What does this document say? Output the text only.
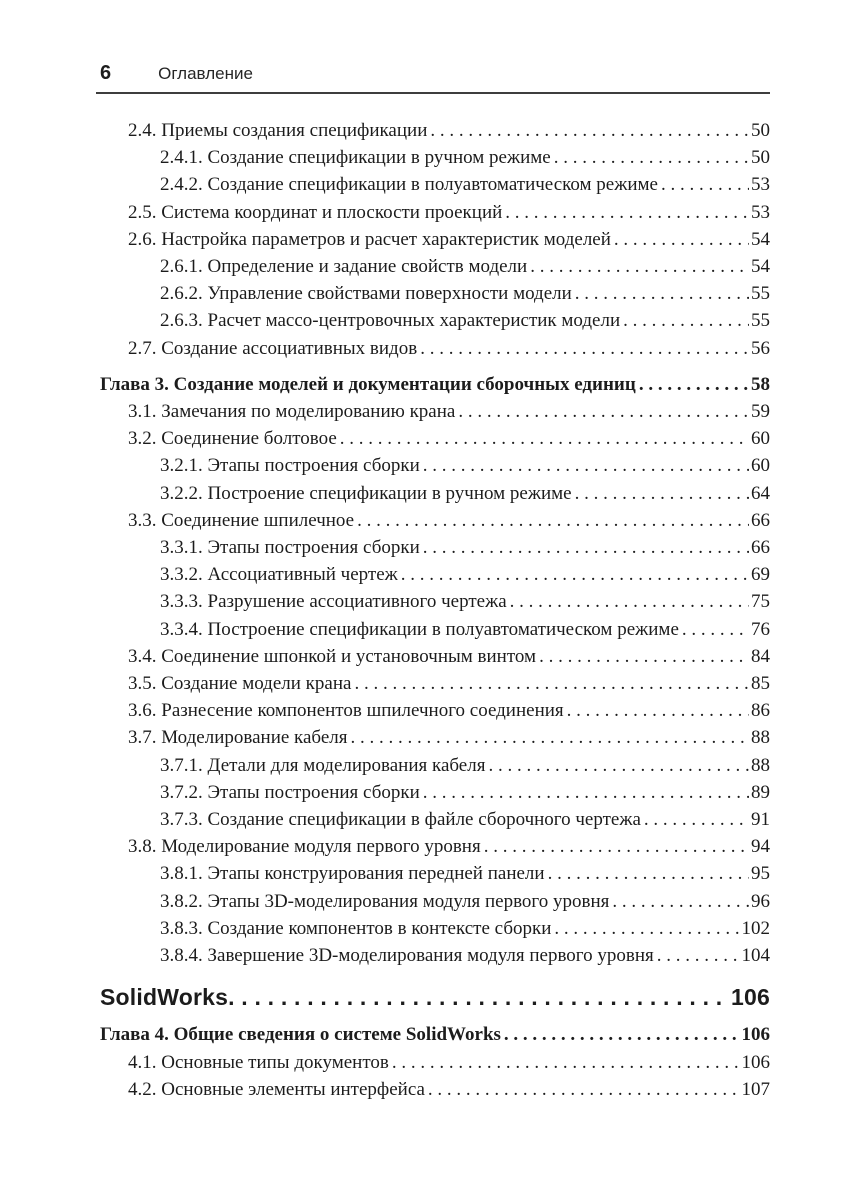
6	Оглавление
2.4. Приемы создания спецификации . . .	50
2.4.1. Создание спецификации в ручном режиме . . .	50
2.4.2. Создание спецификации в полуавтоматическом режиме . . .	53
2.5. Система координат и плоскости проекций . . .	53
2.6. Настройка параметров и расчет характеристик моделей . . .	54
2.6.1. Определение и задание свойств модели . . .	54
2.6.2. Управление свойствами поверхности модели . . .	55
2.6.3. Расчет массо-центровочных характеристик модели . . .	55
2.7. Создание ассоциативных видов . . .	56
Глава 3. Создание моделей и документации сборочных единиц . . .	58
3.1. Замечания по моделированию крана . . .	59
3.2. Соединение болтовое . . .	60
3.2.1. Этапы построения сборки . . .	60
3.2.2. Построение спецификации в ручном режиме . . .	64
3.3. Соединение шпилечное . . .	66
3.3.1. Этапы построения сборки . . .	66
3.3.2. Ассоциативный чертеж . . .	69
3.3.3. Разрушение ассоциативного чертежа . . .	75
3.3.4. Построение спецификации в полуавтоматическом режиме . . .	76
3.4. Соединение шпонкой и установочным винтом . . .	84
3.5. Создание модели крана . . .	85
3.6. Разнесение компонентов шпилечного соединения . . .	86
3.7. Моделирование кабеля . . .	88
3.7.1. Детали для моделирования кабеля . . .	88
3.7.2. Этапы построения сборки . . .	89
3.7.3. Создание спецификации в файле сборочного чертежа . . .	91
3.8. Моделирование модуля первого уровня . . .	94
3.8.1. Этапы конструирования передней панели . . .	95
3.8.2. Этапы 3D-моделирования модуля первого уровня . . .	96
3.8.3. Создание компонентов в контексте сборки . . .	102
3.8.4. Завершение 3D-моделирования модуля первого уровня . . .	104
SolidWorks . . .	106
Глава 4. Общие сведения о системе SolidWorks . . .	106
4.1. Основные типы документов . . .	106
4.2. Основные элементы интерфейса . . .	107
